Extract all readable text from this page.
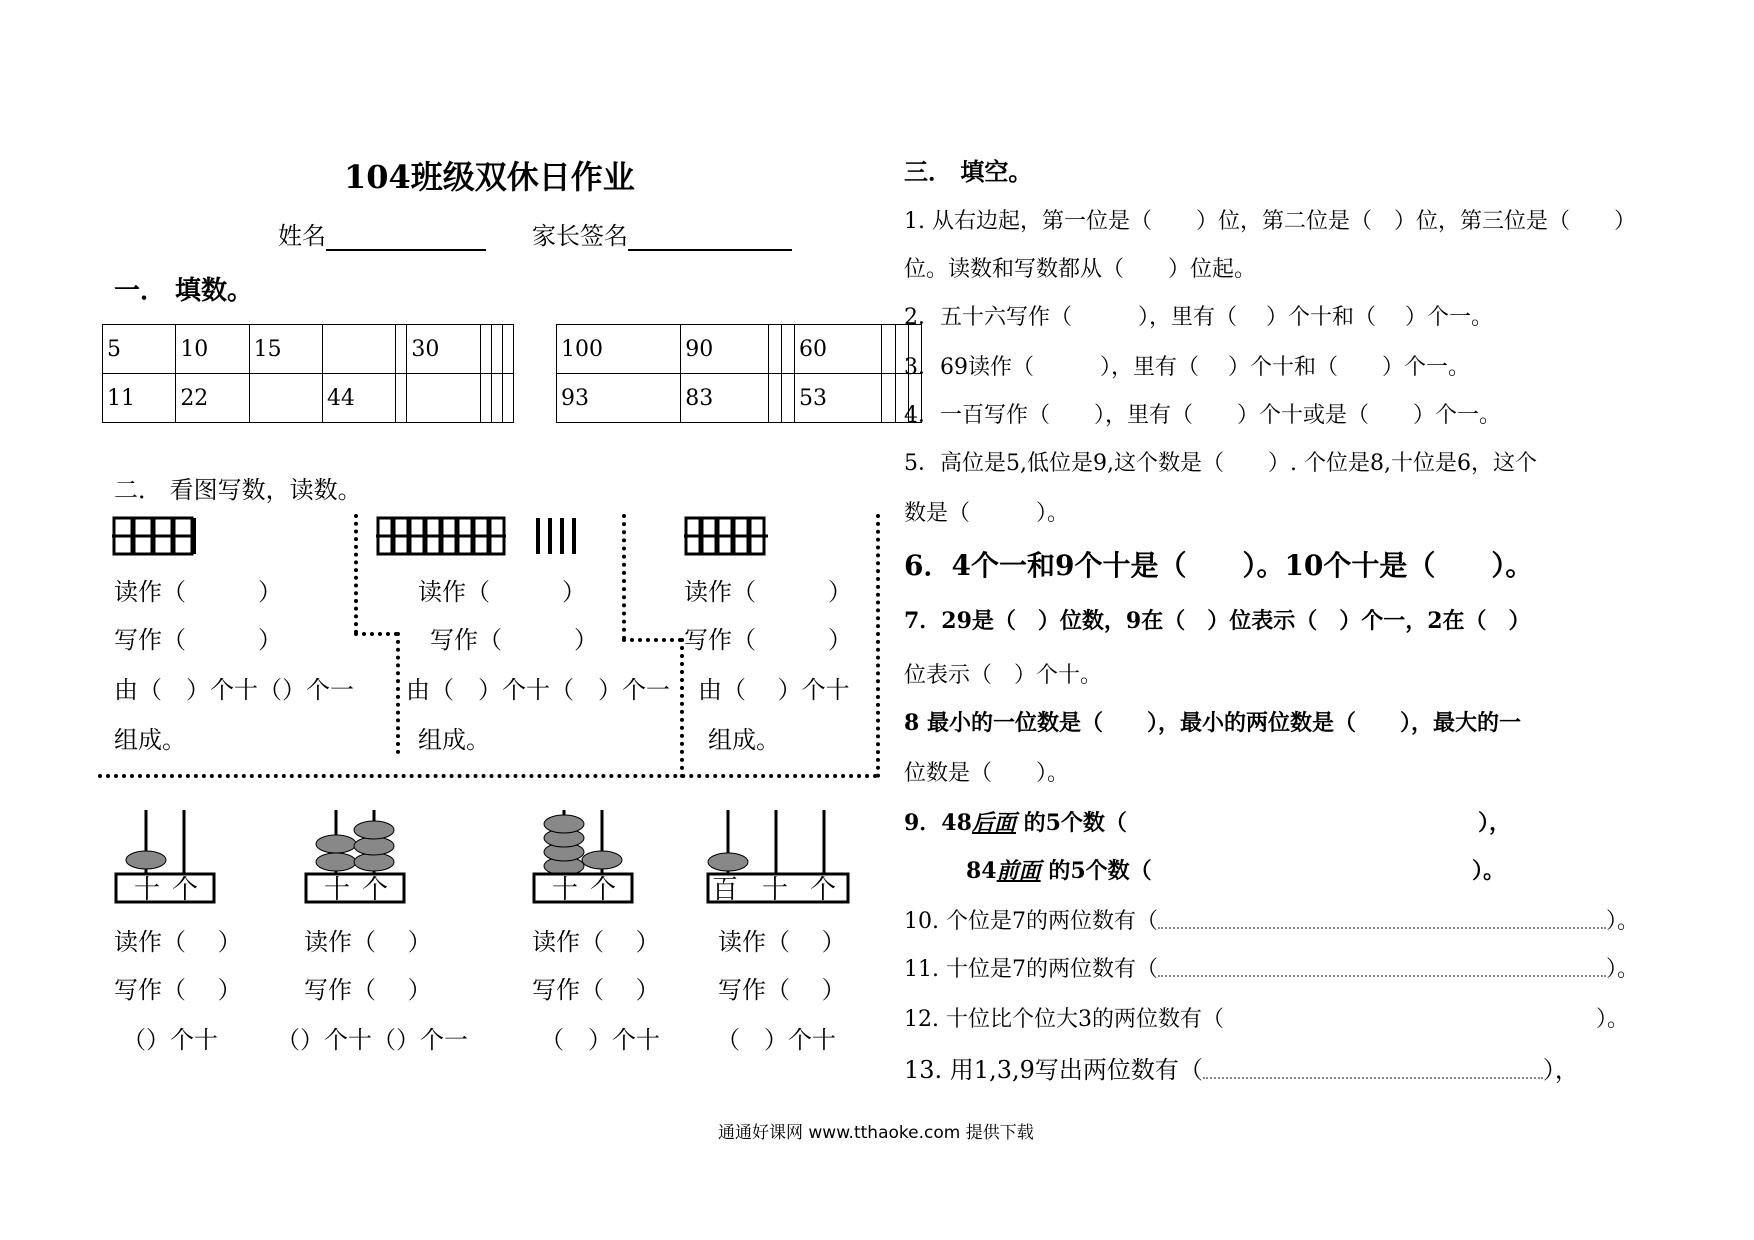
104班级双休日作业
姓名	家长签名
一． 填数。
5	10	15			30			
11	22		44					
100	90			60			
93	83			53			
二． 看图写数，读数。
读作（　　　）
写作（　　　）
由（　）个十（）个一
组成。
读作（　　　）
写作（　　　）
由（　）个十（　）个一
组成。
读作（　　　）
写作（　　　）
由（　 ）个十
组成。
十 个
读作（　 ）
写作（　 ）
（）个十
十 个
读作（　 ）
写作（　 ）
（）个十（）个一
十 个
读作（　 ）
写作（　 ）
（　）个十
百 十 个
读作（　 ）
写作（　 ）
（　）个十
三． 填空。
1. 从右边起，第一位是（　　）位，第二位是（　）位，第三位是（　　）
位。读数和写数都从（　　）位起。
2．五十六写作（　　　），里有（　 ）个十和（　 ）个一。
3．69读作（　　　），里有（　 ）个十和（　　）个一。
4．一百写作（　　），里有（　　）个十或是（　　）个一。
5．高位是5,低位是9,这个数是（　　）. 个位是8,十位是6，这个
数是（　　　）。
6．4个一和9个十是（　　）。10个十是（　　）。
7．29是（　）位数，9在（　）位表示（　）个一，2在（　）
位表示（　）个十。
8 最小的一位数是（　　），最小的两位数是（　　），最大的一
位数是（　　）。
9．48后面 的5个数（	），
84前面 的5个数（	）。
10. 个位是7的两位数有（	）。
11. 十位是7的两位数有（	）。
12. 十位比个位大3的两位数有（	）。
13. 用1,3,9写出两位数有（	），
通通好课网 www.tthaoke.com 提供下载
